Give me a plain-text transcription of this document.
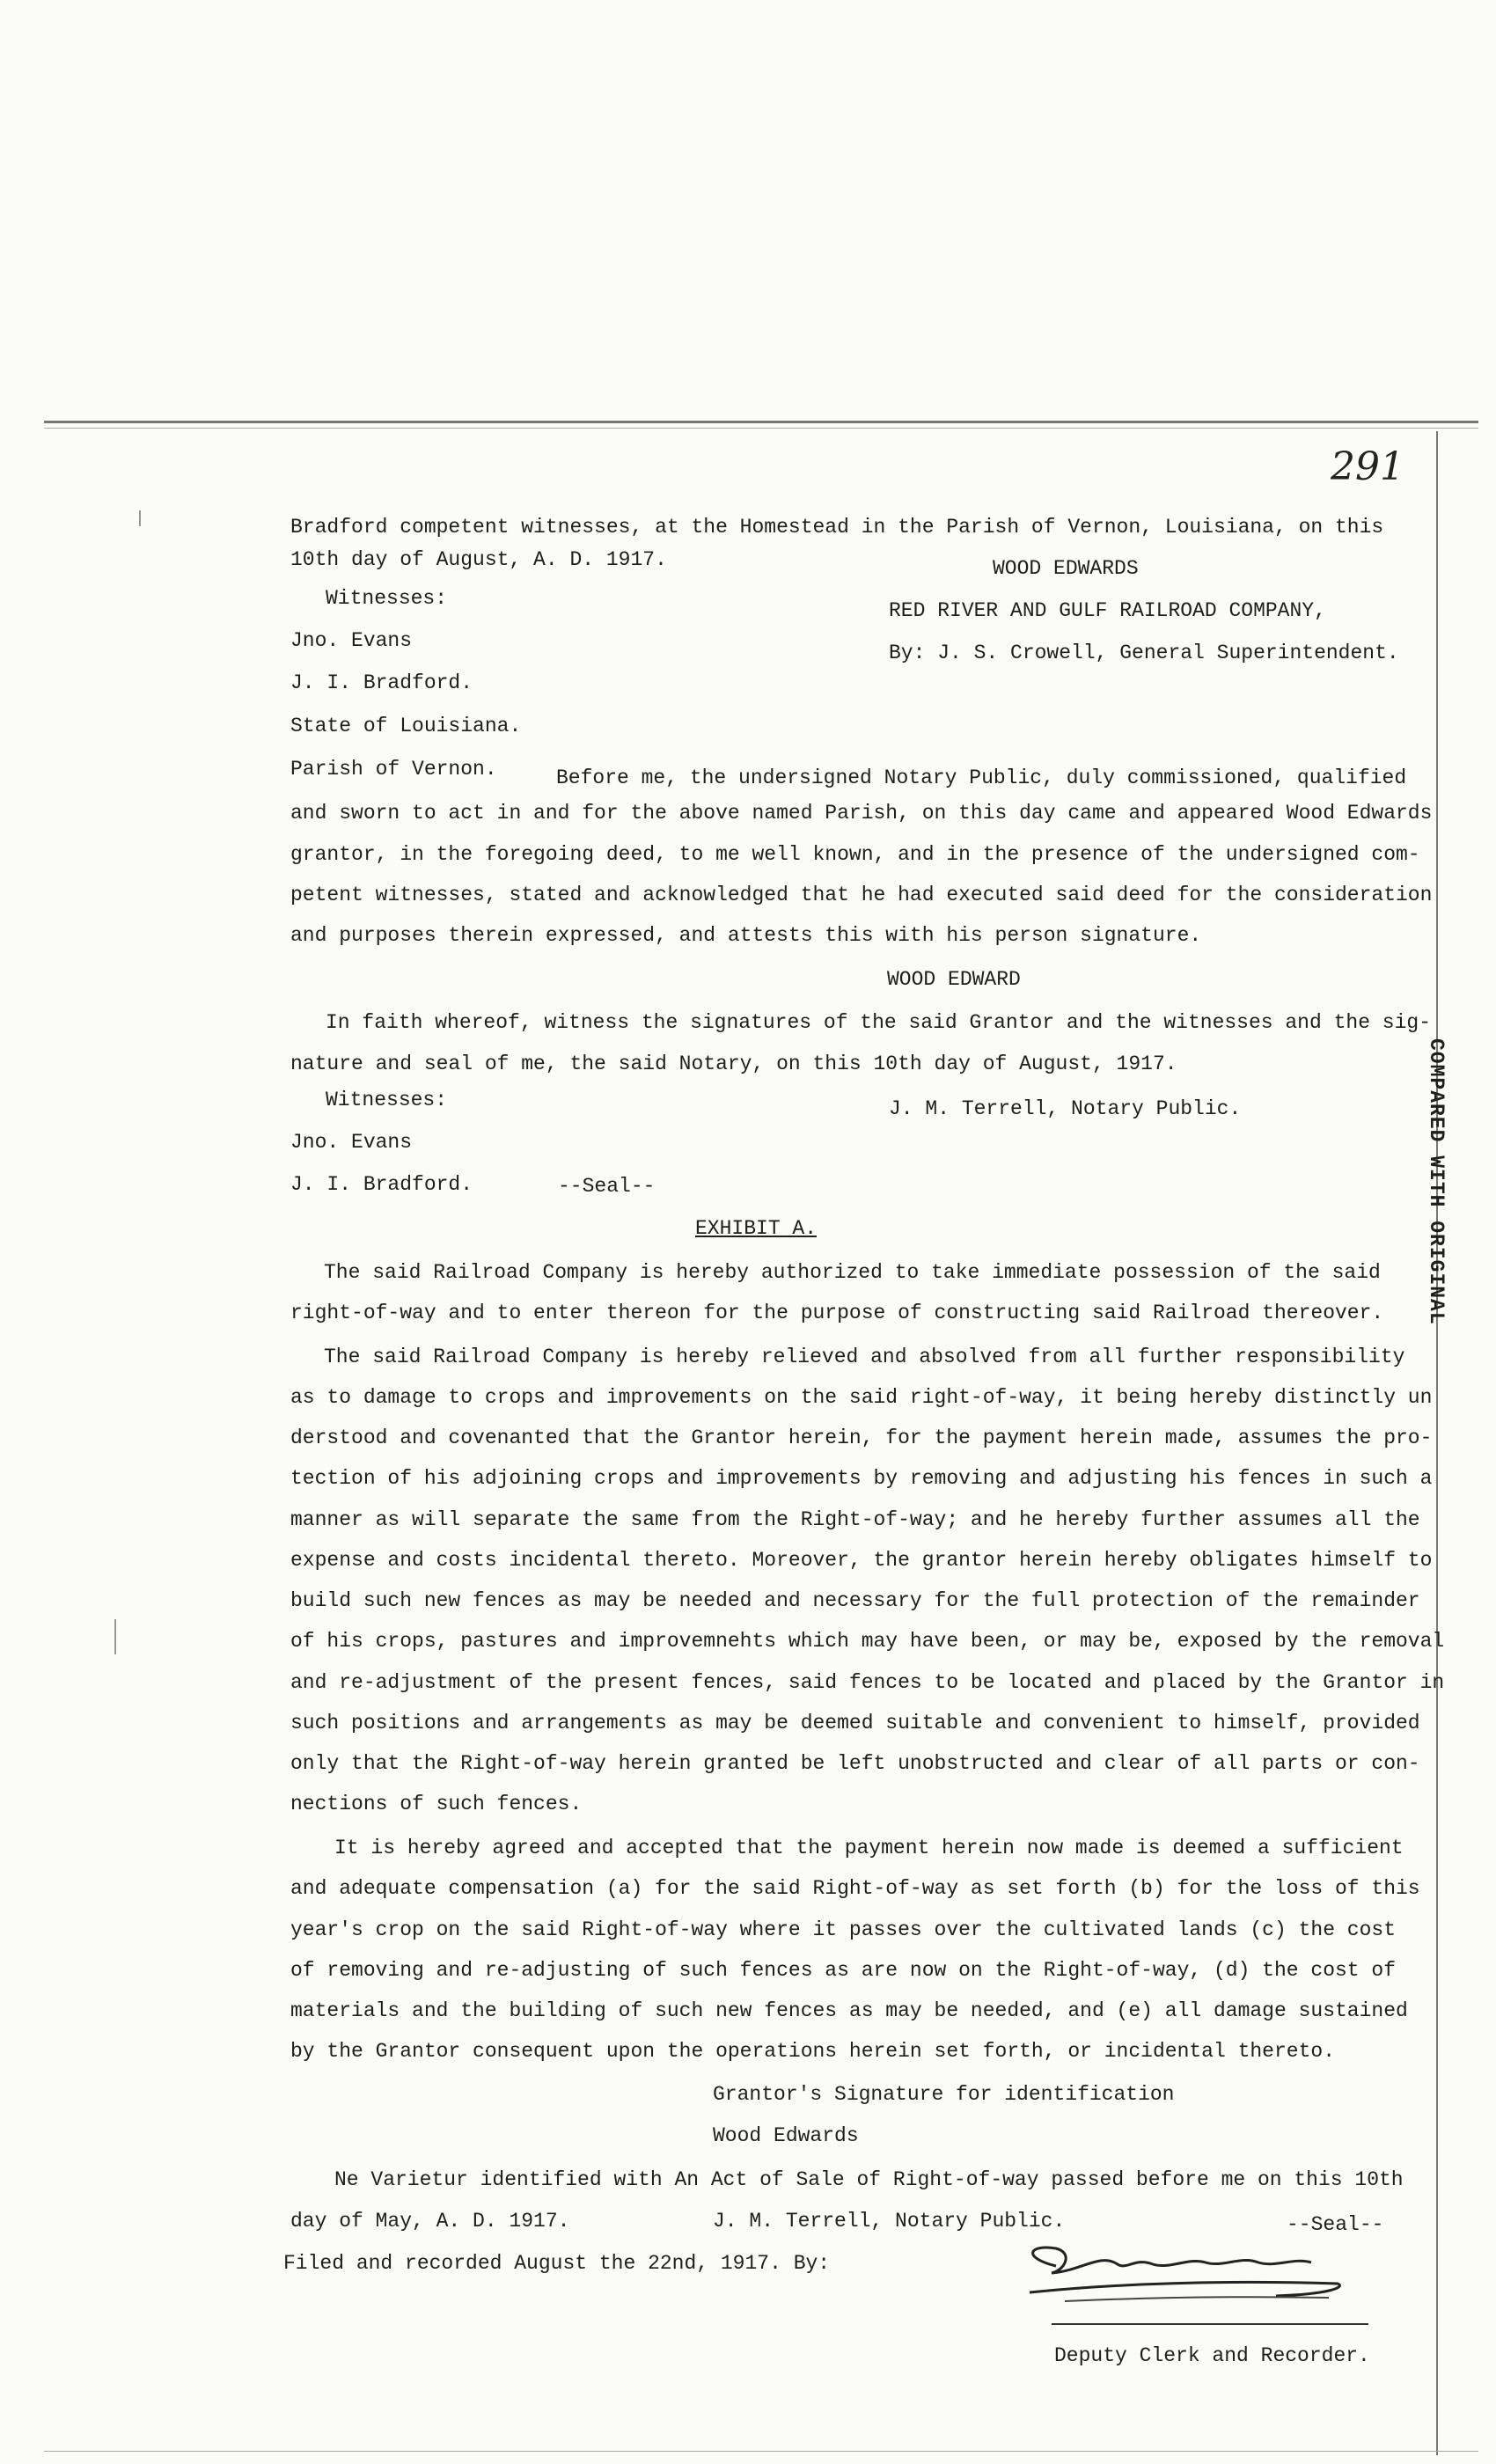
291
COMPARED WITH ORIGINAL
Bradford competent witnesses, at the Homestead in the Parish of Vernon, Louisiana, on this
10th day of August, A. D. 1917.	WOOD EDWARDS
Witnesses:
RED RIVER AND GULF RAILROAD COMPANY,
Jno. Evans
By: J. S. Crowell, General Superintendent.
J. I. Bradford.
State of Louisiana.
Parish of Vernon.	Before me, the undersigned Notary Public, duly commissioned, qualified
and sworn to act in and for the above named Parish, on this day came and appeared Wood Edwards
grantor, in the foregoing deed, to me well known, and in the presence of the undersigned com-
petent witnesses, stated and acknowledged that he had executed said deed for the consideration
and purposes therein expressed, and attests this with his person signature.
WOOD EDWARD
In faith whereof, witness the signatures of the said Grantor and the witnesses and the sig-
nature and seal of me, the said Notary, on this 10th day of August, 1917.
Witnesses:	J. M. Terrell, Notary Public.
Jno. Evans
J. I. Bradford.	--Seal--
EXHIBIT A.
The said Railroad Company is hereby authorized to take immediate possession of the said
right-of-way and to enter thereon for the purpose of constructing said Railroad thereover.
The said Railroad Company is hereby relieved and absolved from all further responsibility
as to damage to crops and improvements on the said right-of-way, it being hereby distinctly un
derstood and covenanted that the Grantor herein, for the payment herein made, assumes the pro-
tection of his adjoining crops and improvements by removing and adjusting his fences in such a
manner as will separate the same from the Right-of-way; and he hereby further assumes all the
expense and costs incidental thereto. Moreover, the grantor herein hereby obligates himself to
build such new fences as may be needed and necessary for the full protection of the remainder
of his crops, pastures and improvemnehts which may have been, or may be, exposed by the removal
and re-adjustment of the present fences, said fences to be located and placed by the Grantor in
such positions and arrangements as may be deemed suitable and convenient to himself, provided
only that the Right-of-way herein granted be left unobstructed and clear of all parts or con-
nections of such fences.
It is hereby agreed and accepted that the payment herein now made is deemed a sufficient
and adequate compensation (a) for the said Right-of-way as set forth (b) for the loss of this
year's crop on the said Right-of-way where it passes over the cultivated lands (c) the cost
of removing and re-adjusting of such fences as are now on the Right-of-way, (d) the cost of
materials and the building of such new fences as may be needed, and (e) all damage sustained
by the Grantor consequent upon the operations herein set forth, or incidental thereto.
Grantor's Signature for identification
Wood Edwards
Ne Varietur identified with An Act of Sale of Right-of-way passed before me on this 10th
day of May, A. D. 1917.	J. M. Terrell, Notary Public.	--Seal--
Filed and recorded August the 22nd, 1917. By:
Deputy Clerk and Recorder.
